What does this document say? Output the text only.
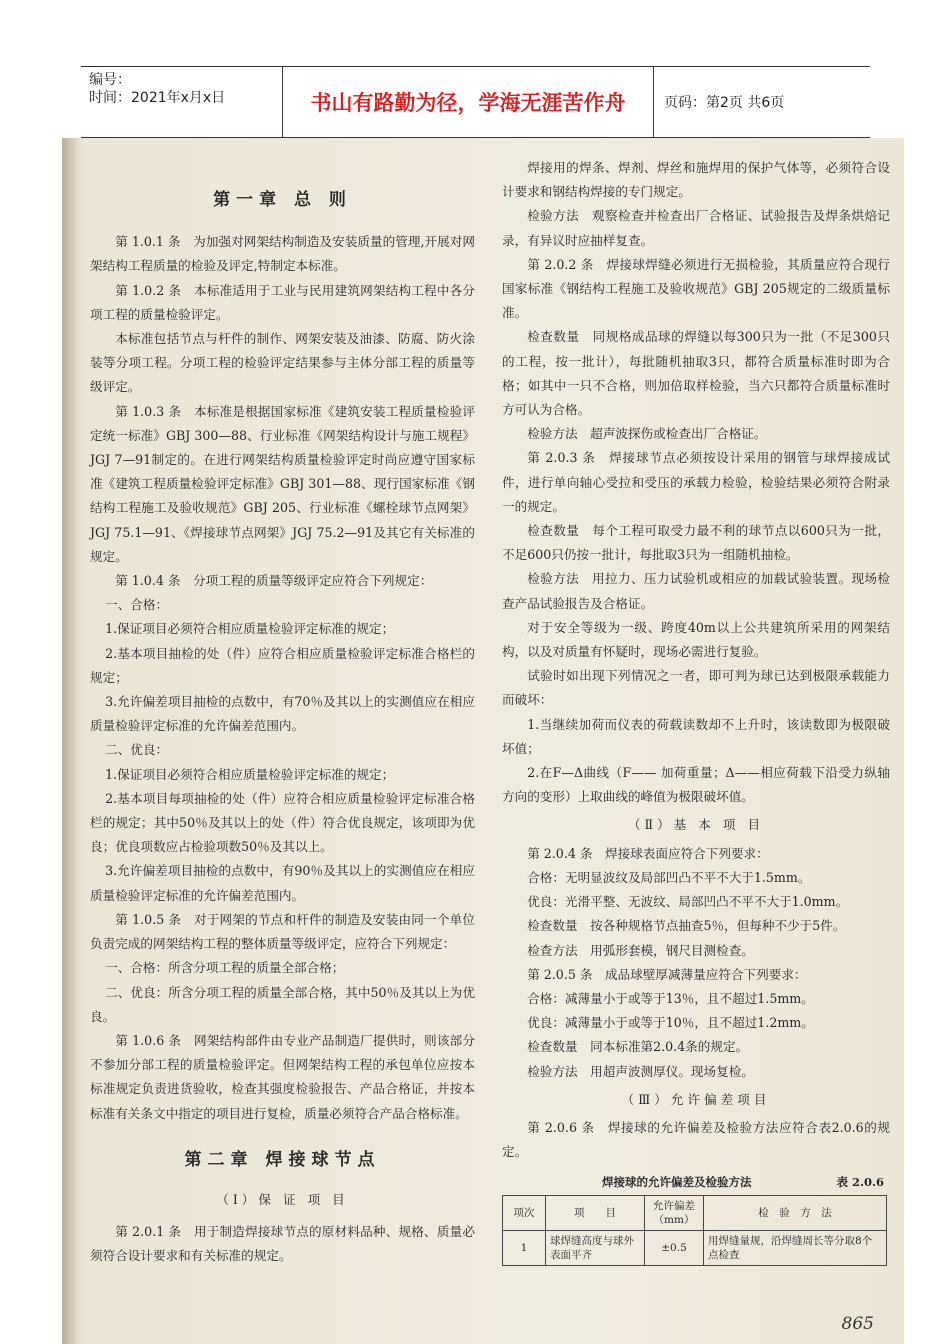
编号：
时间：2021年x月x日	书山有路勤为径，学海无涯苦作舟	页码：第2页 共6页

第一章 总 则

第 1.0.1 条　为加强对网架结构制造及安装质量的管理,开展对网架结构工程质量的检验及评定,特制定本标准。

第 1.0.2 条　本标准适用于工业与民用建筑网架结构工程中各分项工程的质量检验评定。

本标准包括节点与杆件的制作、网架安装及油漆、防腐、防火涂装等分项工程。分项工程的检验评定结果参与主体分部工程的质量等级评定。

第 1.0.3 条　本标准是根据国家标准《建筑安装工程质量检验评定统一标准》GBJ 300—88、行业标准《网架结构设计与施工规程》JGJ 7—91制定的。在进行网架结构质量检验评定时尚应遵守国家标准《建筑工程质量检验评定标准》GBJ 301—88、现行国家标准《钢结构工程施工及验收规范》GBJ 205、行业标准《螺栓球节点网架》JGJ 75.1—91、《焊接球节点网架》JGJ 75.2—91及其它有关标准的规定。

第 1.0.4 条　分项工程的质量等级评定应符合下列规定：

一、合格：

1.保证项目必须符合相应质量检验评定标准的规定；

2.基本项目抽检的处（件）应符合相应质量检验评定标准合格栏的规定；

3.允许偏差项目抽检的点数中，有70％及其以上的实测值应在相应质量检验评定标准的允许偏差范围内。

二、优良：

1.保证项目必须符合相应质量检验评定标准的规定；

2.基本项目每项抽检的处（件）应符合相应质量检验评定标准合格栏的规定；其中50％及其以上的处（件）符合优良规定，该项即为优良；优良项数应占检验项数50％及其以上。

3.允许偏差项目抽检的点数中，有90％及其以上的实测值应在相应质量检验评定标准的允许偏差范围内。

第 1.0.5 条　对于网架的节点和杆件的制造及安装由同一个单位负责完成的网架结构工程的整体质量等级评定，应符合下列规定：

一、合格：所含分项工程的质量全部合格；

二、优良：所含分项工程的质量全部合格，其中50％及其以上为优良。

第 1.0.6 条　网架结构部件由专业产品制造厂提供时，则该部分不参加分部工程的质量检验评定。但网架结构工程的承包单位应按本标准规定负责进货验收，检查其强度检验报告、产品合格证，并按本标准有关条文中指定的项目进行复检，质量必须符合产品合格标准。

第二章 焊接球节点

（Ⅰ）保 证 项 目

第 2.0.1 条　用于制造焊接球节点的原材料品种、规格、质量必须符合设计要求和有关标准的规定。

焊接用的焊条、焊剂、焊丝和施焊用的保护气体等，必须符合设计要求和钢结构焊接的专门规定。

检验方法　观察检查并检查出厂合格证、试验报告及焊条烘焙记录，有异议时应抽样复查。

第 2.0.2 条　焊接球焊缝必须进行无损检验，其质量应符合现行国家标准《钢结构工程施工及验收规范》GBJ 205规定的二级质量标准。

检查数量　同规格成品球的焊缝以每300只为一批（不足300只的工程，按一批计），每批随机抽取3只，都符合质量标准时即为合格；如其中一只不合格，则加倍取样检验，当六只都符合质量标准时方可认为合格。

检验方法　超声波探伤或检查出厂合格证。

第 2.0.3 条　焊接球节点必须按设计采用的钢管与球焊接成试件，进行单向轴心受拉和受压的承载力检验，检验结果必须符合附录一的规定。

检查数量　每个工程可取受力最不利的球节点以600只为一批，不足600只仍按一批计，每批取3只为一组随机抽检。

检验方法　用拉力、压力试验机或相应的加载试验装置。现场检查产品试验报告及合格证。

对于安全等级为一级、跨度40m以上公共建筑所采用的网架结构，以及对质量有怀疑时，现场必需进行复验。

试验时如出现下列情况之一者，即可判为球已达到极限承载能力而破坏：

1.当继续加荷而仪表的荷载读数却不上升时，该读数即为极限破坏值；

2.在F—Δ曲线（F—— 加荷重量；Δ——相应荷载下沿受力纵轴方向的变形）上取曲线的峰值为极限破坏值。

（Ⅱ）基 本 项 目

第 2.0.4 条　焊接球表面应符合下列要求：

合格：无明显波纹及局部凹凸不平不大于1.5mm。

优良：光滑平整、无波纹、局部凹凸不平不大于1.0mm。

检查数量　按各种规格节点抽查5％，但每种不少于5件。

检查方法　用弧形套模，钢尺目测检查。

第 2.0.5 条　成品球壁厚减薄量应符合下列要求：

合格：减薄量小于或等于13％，且不超过1.5mm。

优良：减薄量小于或等于10％，且不超过1.2mm。

检查数量　同本标准第2.0.4条的规定。

检验方法　用超声波测厚仪。现场复检。

（Ⅲ）允许偏差项目

第 2.0.6 条　焊接球的允许偏差及检验方法应符合表2.0.6的规定。

焊接球的允许偏差及检验方法	表 2.0.6
项次	项　　目	允许偏差（mm）	检　验　方　法
1	球焊缝高度与球外表面平齐	±0.5	用焊缝量规，沿焊缝周长等分取8个点检查
865
